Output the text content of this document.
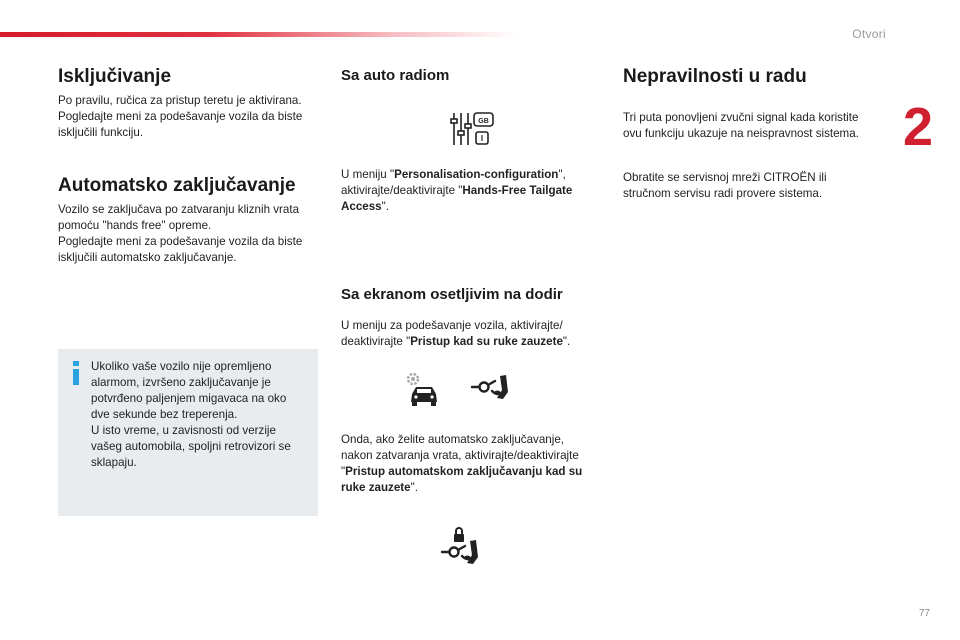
Otvori
2
Isključivanje

Po pravilu, ručica za pristup teretu je aktivirana.

Pogledajte meni za podešavanje vozila da biste

isključili funkciju.

Automatsko zaključavanje

Vozilo se zaključava po zatvaranju kliznih vrata

pomoću "hands free" opreme.

Pogledajte meni za podešavanje vozila da biste

isključili automatsko zaključavanje.

Ukoliko vaše vozilo nije opremljeno

alarmom, izvršeno zaključavanje je

potvrđeno paljenjem migavaca na oko

dve sekunde bez treperenja.

U isto vreme, u zavisnosti od verzije

vašeg automobila, spoljni retrovizori se

sklapaju.

Sa auto radiom
GB
I

U meniju "Personalisation-configuration",

aktivirajte/deaktivirajte "Hands-Free Tailgate

Access".

Sa ekranom osetljivim na dodir

U meniju za podešavanje vozila, aktivirajte/

deaktivirajte "Pristup kad su ruke zauzete".

Onda, ako želite automatsko zaključavanje,

nakon zatvaranja vrata, aktivirajte/deaktivirajte

"Pristup automatskom zaključavanju kad su

ruke zauzete".

Nepravilnosti u radu

Tri puta ponovljeni zvučni signal kada koristite

ovu funkciju ukazuje na neispravnost sistema.

Obratite se servisnoj mreži CITROËN ili

stručnom servisu radi provere sistema.

77
